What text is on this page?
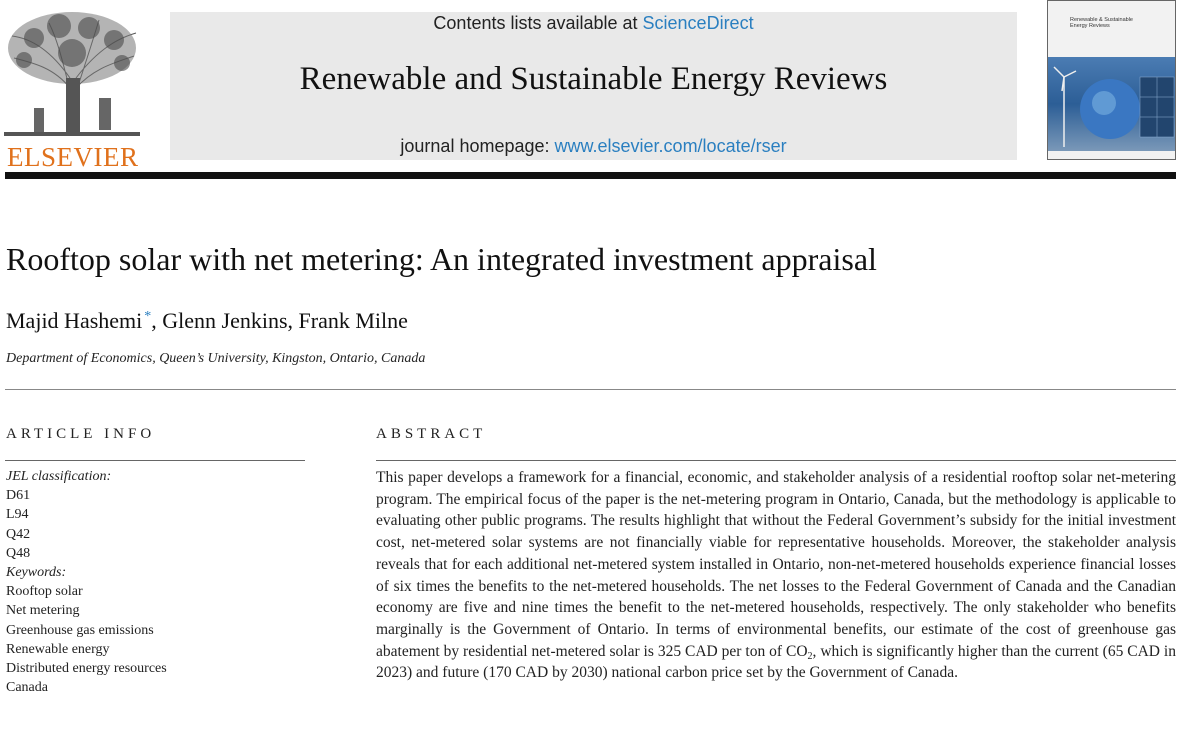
ELSEVIER
Contents lists available at ScienceDirect
Renewable and Sustainable Energy Reviews
journal homepage: www.elsevier.com/locate/rser
Renewable & Sustainable Energy Reviews
Rooftop solar with net metering: An integrated investment appraisal
Majid Hashemi *, Glenn Jenkins, Frank Milne
Department of Economics, Queen’s University, Kingston, Ontario, Canada
ARTICLE INFO
JEL classification:
D61
L94
Q42
Q48
Keywords:
Rooftop solar
Net metering
Greenhouse gas emissions
Renewable energy
Distributed energy resources
Canada
ABSTRACT
This paper develops a framework for a financial, economic, and stakeholder analysis of a residential rooftop solar net-metering program. The empirical focus of the paper is the net-metering program in Ontario, Canada, but the methodology is applicable to evaluating other public programs. The results highlight that without the Federal Government’s subsidy for the initial investment cost, net-metered solar systems are not financially viable for representative households. Moreover, the stakeholder analysis reveals that for each additional net-metered system installed in Ontario, non-net-metered households experience financial losses of six times the benefits to the net-metered households. The net losses to the Federal Government of Canada and the Canadian economy are five and nine times the benefit to the net-metered households, respectively. The only stakeholder who benefits marginally is the Government of Ontario. In terms of environmental benefits, our estimate of the cost of greenhouse gas abatement by residential net-metered solar is 325 CAD per ton of $CO_2$, which is significantly higher than the current (65 CAD in 2023) and future (170 CAD by 2030) national carbon price set by the Government of Canada.
